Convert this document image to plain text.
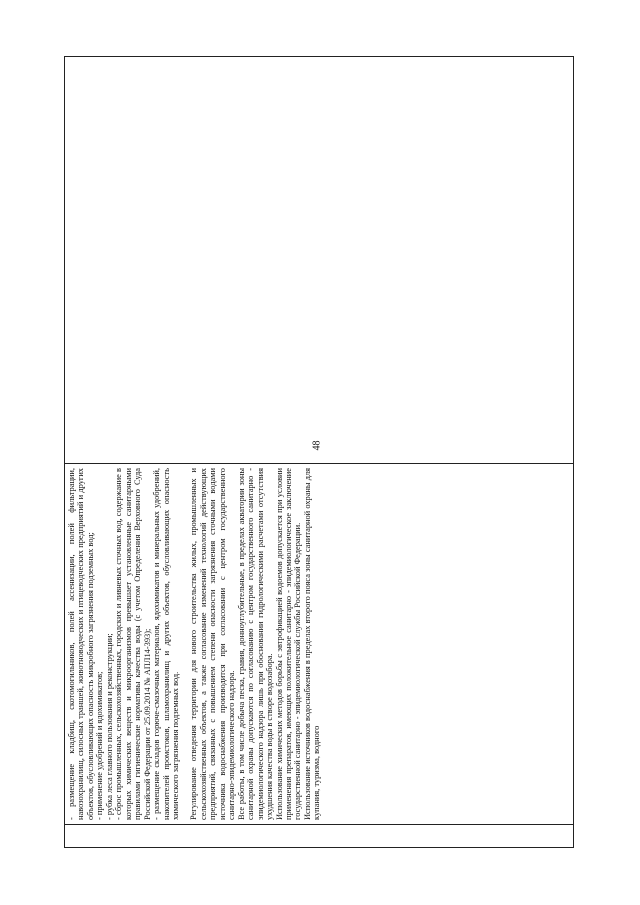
48

- размещение кладбищ, скотомогильников, полей ассенизации, полей фильтрации, навозохранилищ, силосных траншей, животноводческих и птицеводческих предприятий и других объектов, обусловливающих опасность микробного загрязнения подземных вод; - применение удобрений и ядохимикатов; - рубка леса главного пользования и реконструкции; - сброс промышленных, сельскохозяйственных, городских и ливневых сточных вод, содержание в которых химических веществ и микроорганизмов превышает установленные санитарными правилами гигиенические нормативы качества воды (с учетом Определения Верховного Суда Российской Федерации от 25.09.2014 № АПЛ14-393); - размещение складов горюче-смазочных материалов, ядохимикатов и минеральных удобрений, накопителей промстоков, шламохранилищ и других объектов, обусловливающих опасность химического загрязнения подземных вод. Регулирование отведения территории для нового строительства жилых, промышленных и сельскохозяйственных объектов, а также согласование изменений технологий действующих предприятий, связанных с повышением степени опасности загрязнения сточными водами источника водоснабжения производится при согласовании с центром государственного санитарно-эпидемиологического надзора. Все работы, в том числе добыча песка, гравия, донноуглубительные, в пределах акватории зоны санитарной охраны допускаются по согласованию с центром государственного санитарно - эпидемиологического надзора лишь при обосновании гидрологическими расчетами отсутствия ухудшения качества воды в створе водозабора. Использование химических методов борьбы с эвтрофикацией водоемов допускается при условии применения препаратов, имеющих положительное санитарно - эпидемиологическое заключение государственной санитарно - эпидемиологической службы Российской Федерации. Использование источников водоснабжения в пределах второго пояса зоны санитарной охраны для купания, туризма, водного
